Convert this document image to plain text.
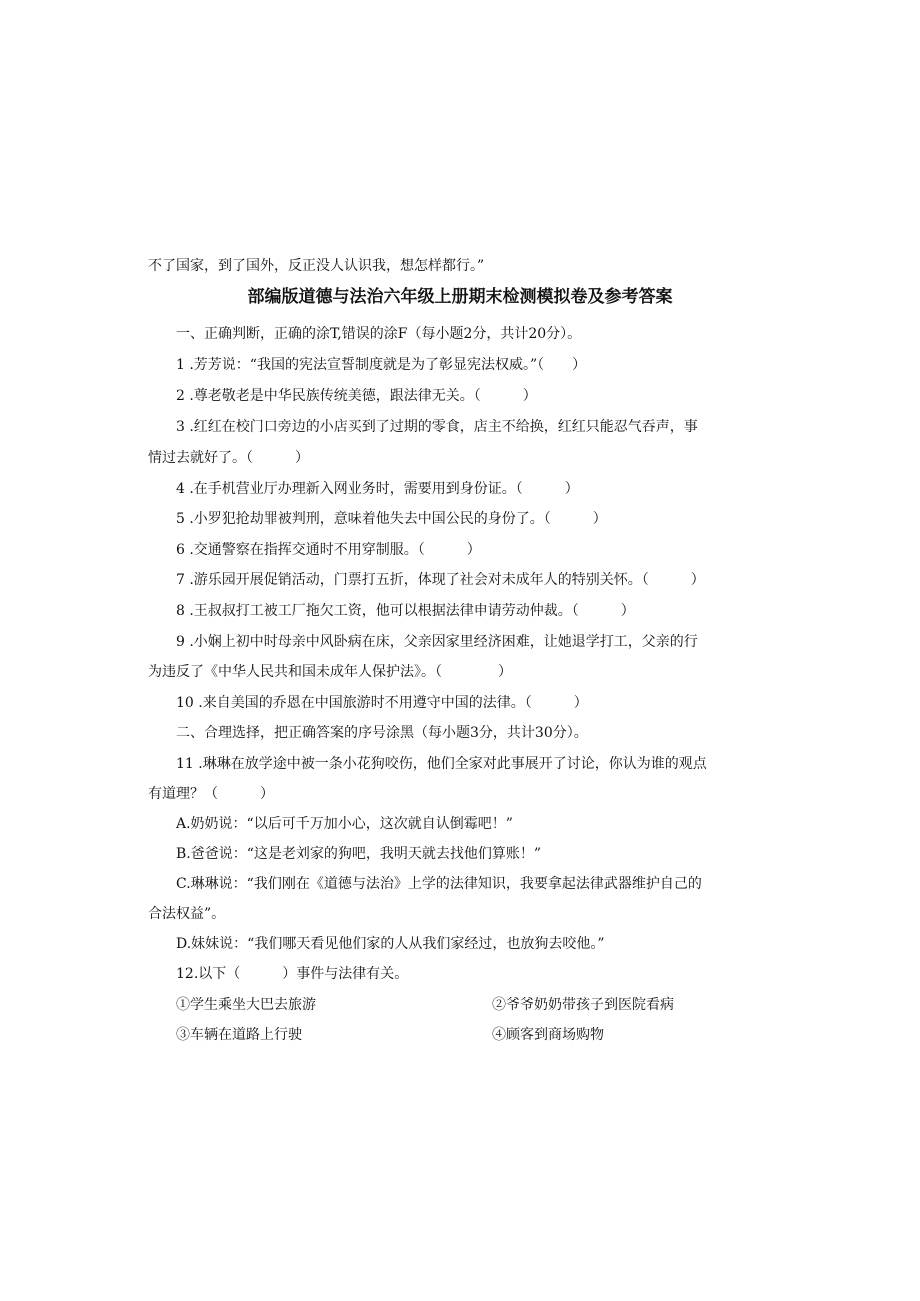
不了国家，到了国外，反正没人认识我，想怎样都行。”
部编版道德与法治六年级上册期末检测模拟卷及参考答案
一、正确判断，正确的涂T,错误的涂F（每小题2分，共计20分）。
1 .芳芳说：“我国的宪法宣誓制度就是为了彰显宪法权威。”（　　）
2 .尊老敬老是中华民族传统美德，跟法律无关。（　　　）
3 .红红在校门口旁边的小店买到了过期的零食，店主不给换，红红只能忍气吞声，事
情过去就好了。（　　　）
4 .在手机营业厅办理新入网业务时，需要用到身份证。（　　　）
5 .小罗犯抢劫罪被判刑，意味着他失去中国公民的身份了。（　　　）
6 .交通警察在指挥交通时不用穿制服。（　　　）
7 .游乐园开展促销活动，门票打五折，体现了社会对未成年人的特别关怀。（　　　）
8 .王叔叔打工被工厂拖欠工资，他可以根据法律申请劳动仲裁。（　　　）
9 .小娴上初中时母亲中风卧病在床，父亲因家里经济困难，让她退学打工，父亲的行
为违反了《中华人民共和国未成年人保护法》。（　　　　）
10 .来自美国的乔恩在中国旅游时不用遵守中国的法律。（　　　）
二、合理选择，把正确答案的序号涂黑（每小题3分，共计30分）。
11 .琳琳在放学途中被一条小花狗咬伤，他们全家对此事展开了讨论，你认为谁的观点
有道理？（　　　）
A.奶奶说：“以后可千万加小心，这次就自认倒霉吧！”
B.爸爸说：“这是老刘家的狗吧，我明天就去找他们算账！”
C.琳琳说：“我们刚在《道德与法治》上学的法律知识，我要拿起法律武器维护自己的
合法权益”。
D.妹妹说：“我们哪天看见他们家的人从我们家经过，也放狗去咬他。”
12.以下（　　　）事件与法律有关。
①学生乘坐大巴去旅游	②爷爷奶奶带孩子到医院看病
③车辆在道路上行驶	④顾客到商场购物
